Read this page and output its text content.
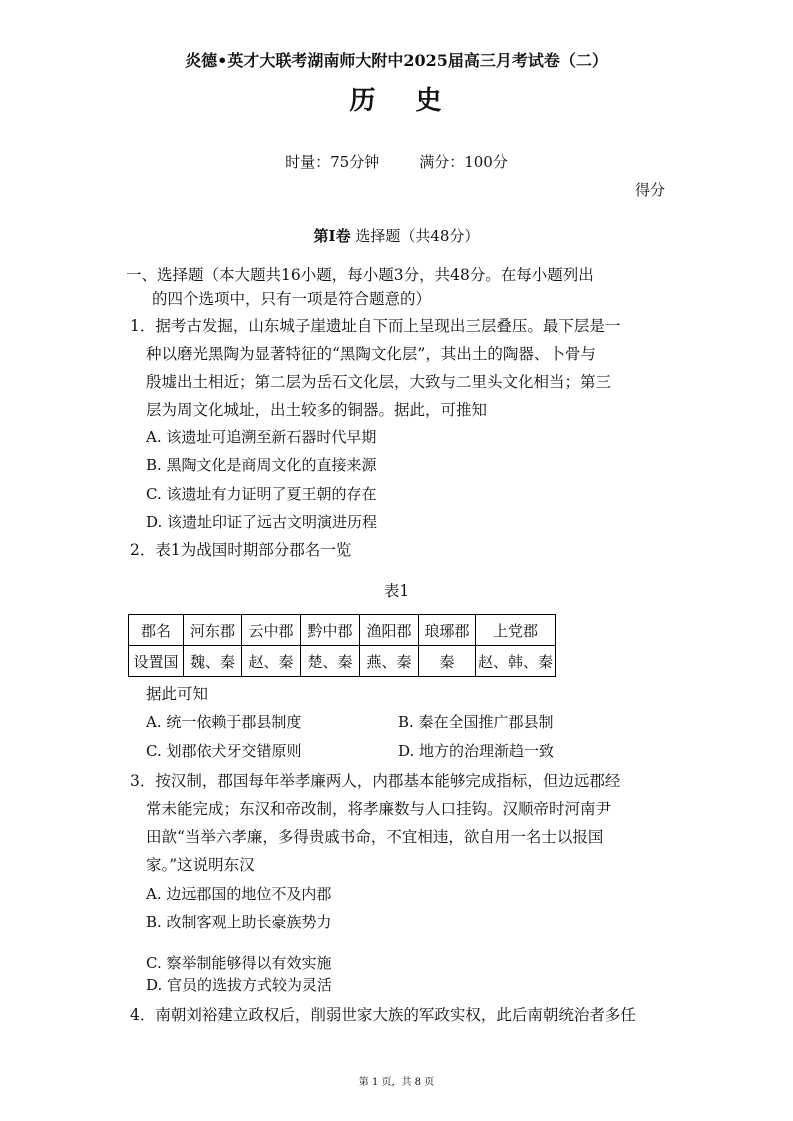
炎德•英才大联考湖南师大附中2025届高三月考试卷（二）
历 史
时量：75分钟	满分：100分
得分
第Ⅰ卷 选择题（共48分）
一、选择题（本大题共16小题，每小题3分，共48分。在每小题列出
的四个选项中，只有一项是符合题意的）
1．据考古发掘，山东城子崖遗址自下而上呈现出三层叠压。最下层是一
种以磨光黑陶为显著特征的“黑陶文化层”，其出土的陶器、卜骨与
殷墟出土相近；第二层为岳石文化层，大致与二里头文化相当；第三
层为周文化城址，出土较多的铜器。据此，可推知
A. 该遗址可追溯至新石器时代早期
B. 黑陶文化是商周文化的直接来源
C. 该遗址有力证明了夏王朝的存在
D. 该遗址印证了远古文明演进历程
2．表1为战国时期部分郡名一览
表1
郡名	河东郡	云中郡	黔中郡	渔阳郡	琅琊郡	上党郡
设置国	魏、秦	赵、秦	楚、秦	燕、秦	秦	赵、韩、秦
据此可知
A. 统一依赖于郡县制度	B. 秦在全国推广郡县制
C. 划郡依犬牙交错原则	D. 地方的治理渐趋一致
3．按汉制，郡国每年举孝廉两人，内郡基本能够完成指标，但边远郡经
常未能完成；东汉和帝改制，将孝廉数与人口挂钩。汉顺帝时河南尹
田歆“当举六孝廉，多得贵戚书命，不宜相违，欲自用一名士以报国
家。”这说明东汉
A. 边远郡国的地位不及内郡
B. 改制客观上助长豪族势力
C. 察举制能够得以有效实施
D. 官员的选拔方式较为灵活
4．南朝刘裕建立政权后，削弱世家大族的军政实权，此后南朝统治者多任
第 1 页，共 8 页
